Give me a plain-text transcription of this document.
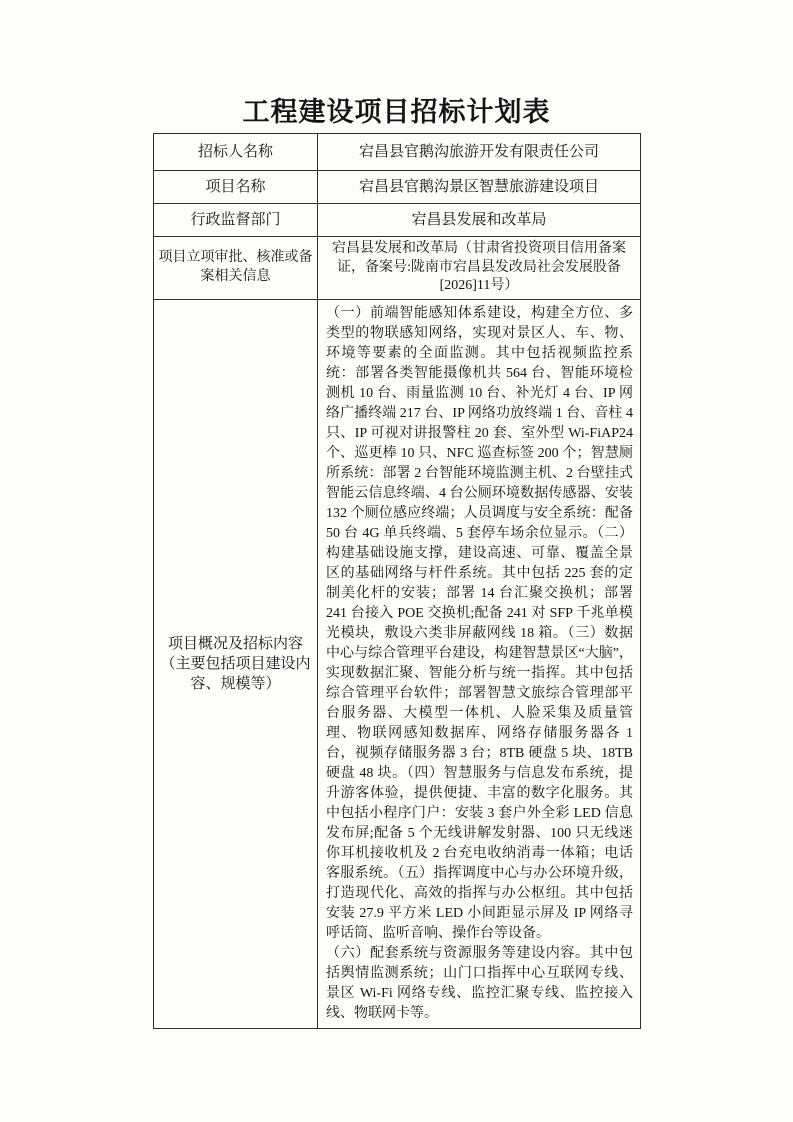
工程建设项目招标计划表
招标人名称	宕昌县官鹅沟旅游开发有限责任公司
项目名称	宕昌县官鹅沟景区智慧旅游建设项目
行政监督部门	宕昌县发展和改革局
项目立项审批、核准或备案相关信息	宕昌县发展和改革局（甘肃省投资项目信用备案证，备案号:陇南市宕昌县发改局社会发展股备[2026]11号）
项目概况及招标内容（主要包括项目建设内容、规模等）	（一）前端智能感知体系建设，构建全方位、多类型的物联感知网络，实现对景区人、车、物、环境等要素的全面监测。其中包括视频监控系统：部署各类智能摄像机共 564 台、智能环境检测机 10 台、雨量监测 10 台、补光灯 4 台、IP 网络广播终端 217 台、IP 网络功放终端 1 台、音柱 4 只、IP 可视对讲报警柱 20 套、室外型 Wi-FiAP24 个、巡更棒 10 只、NFC 巡查标签 200 个；智慧厕所系统：部署 2 台智能环境监测主机、2 台壁挂式智能云信息终端、4 台公厕环境数据传感器、安装 132 个厕位感应终端；人员调度与安全系统：配备 50 台 4G 单兵终端、5 套停车场余位显示。（二）构建基础设施支撑，建设高速、可靠、覆盖全景区的基础网络与杆件系统。其中包括 225 套的定制美化杆的安装；部署 14 台汇聚交换机；部署 241 台接入 POE 交换机;配备 241 对 SFP 千兆单模光模块，敷设六类非屏蔽网线 18 箱。（三）数据中心与综合管理平台建设，构建智慧景区“大脑”，实现数据汇聚、智能分析与统一指挥。其中包括综合管理平台软件；部署智慧文旅综合管理部平台服务器、大模型一体机、人脸采集及质量管理、物联网感知数据库、网络存储服务器各 1 台，视频存储服务器 3 台；8TB 硬盘 5 块、18TB 硬盘 48 块。（四）智慧服务与信息发布系统，提升游客体验，提供便捷、丰富的数字化服务。其中包括小程序门户：安装 3 套户外全彩 LED 信息发布屏;配备 5 个无线讲解发射器、100 只无线迷你耳机接收机及 2 台充电收纳消毒一体箱；电话客服系统。（五）指挥调度中心与办公环境升级，打造现代化、高效的指挥与办公枢纽。其中包括安装 27.9 平方米 LED 小间距显示屏及 IP 网络寻呼话筒、监听音响、操作台等设备。

（六）配套系统与资源服务等建设内容。其中包括舆情监测系统；山门口指挥中心互联网专线、景区 Wi-Fi 网络专线、监控汇聚专线、监控接入线、物联网卡等。
